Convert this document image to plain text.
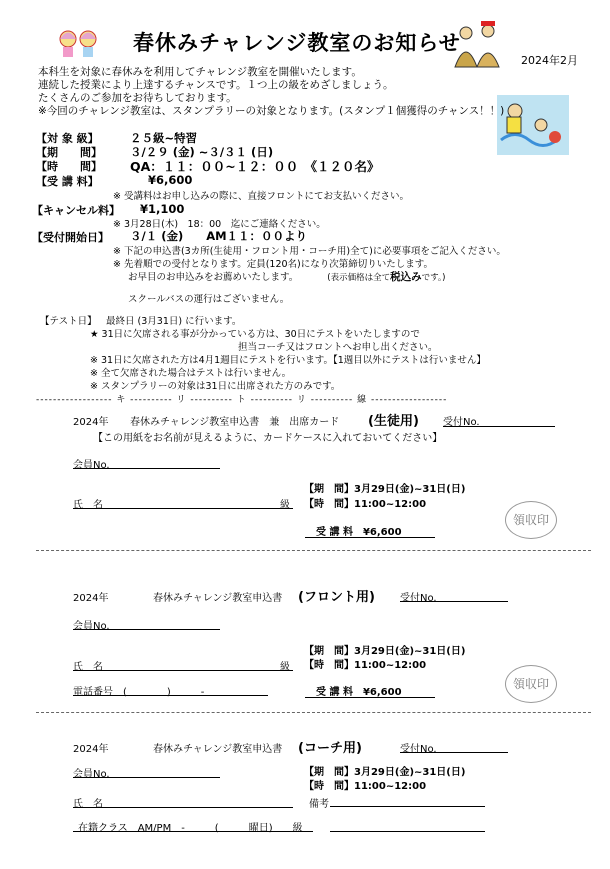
春休みチャレンジ教室のお知らせ
2024年2月
本科生を対象に春休みを利用してチャレンジ教室を開催いたします。
連続した授業により上達するチャンスです。１つ上の級をめざしましょう。
たくさんのご参加をお待ちしております。
※今回のチャレンジ教室は、スタンプラリーの対象となります。(スタンプ１個獲得のチャンス！！)
【対 象 級】	２５級~特習
【期　　間】 ３/２９ (金) ~３/３１ (日)
【時　　間】 QA：１１：００~１２：００　《１２０名》
【受 講 料】	¥6,600
※ 受講料はお申し込みの際に、直接フロントにてお支払いください。
【キャンセル料】 ¥1,100
※ 3月28日(木)　18：00　迄にご連絡ください。
【受付開始日】 ３/１ (金)　　AM１１：００より
※ 下記の申込書(3カ所(生徒用・フロント用・コーチ用)全て)に必要事項をご記入ください。
※ 先着順での受付となります。定員(120名)になり次第締切りいたします。
お早目のお申込みをお薦めいたします。	(表示価格は全て税込みです。)
スクールバスの運行はございません。
【テスト日】 最終日 (3月31日) に行います。
★ 31日に欠席される事が分かっている方は、30日にテストをいたしますので
担当コーチ又はフロントへお申し出ください。
※ 31日に欠席された方は4月1週目にテストを行います。【1週目以外にテストは行いません】
※ 全て欠席された場合はテストは行いません。
※ スタンプラリーの対象は31日に出席された方のみです。
------------------ キ ---------- リ ---------- ト ---------- リ ---------- 線 ------------------
2024年 春休みチャレンジ教室申込書　兼　出席カード (生徒用) 受付No.
【この用紙をお名前が見えるように、カードケースに入れておいてください】
会員No.
氏　名	級
【期　間】3月29日(金)~31日(日)
【時　間】11:00~12:00
受 講 料　¥6,600
領収印
2024年	春休みチャレンジ教室申込書 (フロント用)	受付No.
会員No.
氏　名	級
電話番号　(　　　　)　　　-
【期　間】3月29日(金)~31日(日)
【時　間】11:00~12:00
受 講 料　¥6,600
領収印
2024年	春休みチャレンジ教室申込書 (コーチ用)	受付No.
会員No.
氏　名
【期　間】3月29日(金)~31日(日)
【時　間】11:00~12:00
備考
在籍クラス　AM/PM　-　　　(　　　曜日)　　級
